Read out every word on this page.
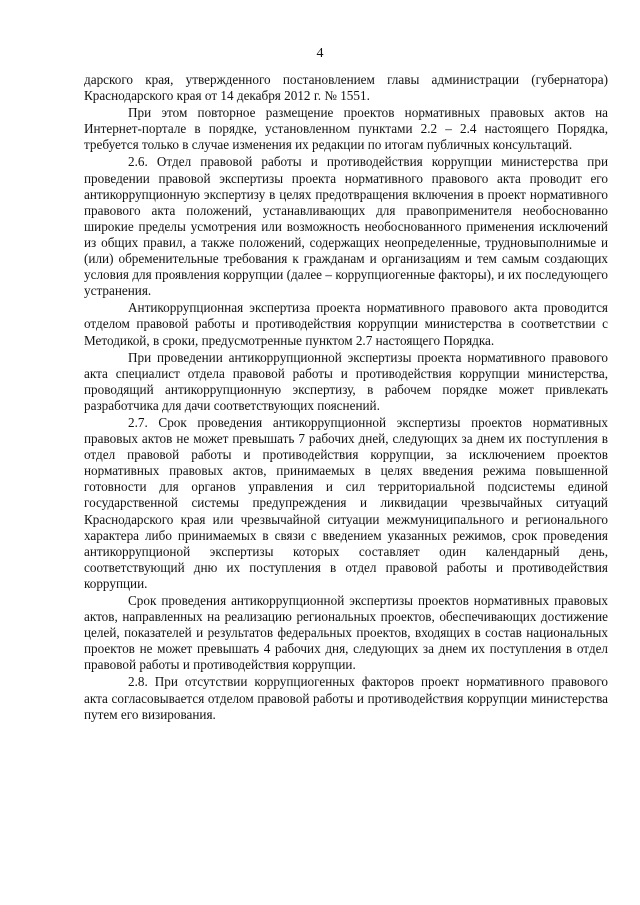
4

дарского края, утвержденного постановлением главы администрации (губернатора) Краснодарского края от 14 декабря 2012 г. № 1551.

При этом повторное размещение проектов нормативных правовых актов на Интернет-портале в порядке, установленном пунктами 2.2 – 2.4 настоящего Порядка, требуется только в случае изменения их редакции по итогам публичных консультаций.

2.6. Отдел правовой работы и противодействия коррупции министерства при проведении правовой экспертизы проекта нормативного правового акта проводит его антикоррупционную экспертизу в целях предотвращения включения в проект нормативного правового акта положений, устанавливающих для правоприменителя необоснованно широкие пределы усмотрения или возможность необоснованного применения исключений из общих правил, а также положений, содержащих неопределенные, трудновыполнимые и (или) обременительные требования к гражданам и организациям и тем самым создающих условия для проявления коррупции (далее – коррупциогенные факторы), и их последующего устранения.

Антикоррупционная экспертиза проекта нормативного правового акта проводится отделом правовой работы и противодействия коррупции министерства в соответствии с Методикой, в сроки, предусмотренные пунктом 2.7 настоящего Порядка.

При проведении антикоррупционной экспертизы проекта нормативного правового акта специалист отдела правовой работы и противодействия коррупции министерства, проводящий антикоррупционную экспертизу, в рабочем порядке может привлекать разработчика для дачи соответствующих пояснений.

2.7. Срок проведения антикоррупционной экспертизы проектов нормативных правовых актов не может превышать 7 рабочих дней, следующих за днем их поступления в отдел правовой работы и противодействия коррупции, за исключением проектов нормативных правовых актов, принимаемых в целях введения режима повышенной готовности для органов управления и сил территориальной подсистемы единой государственной системы предупреждения и ликвидации чрезвычайных ситуаций Краснодарского края или чрезвычайной ситуации межмуниципального и регионального характера либо принимаемых в связи с введением указанных режимов, срок проведения антикоррупционой экспертизы которых составляет один календарный день, соответствующий дню их поступления в отдел правовой работы и противодействия коррупции.

Срок проведения антикоррупционной экспертизы проектов нормативных правовых актов, направленных на реализацию региональных проектов, обеспечивающих достижение целей, показателей и результатов федеральных проектов, входящих в состав национальных проектов не может превышать 4 рабочих дня, следующих за днем их поступления в отдел правовой работы и противодействия коррупции.

2.8. При отсутствии коррупциогенных факторов проект нормативного правового акта согласовывается отделом правовой работы и противодействия коррупции министерства путем его визирования.
